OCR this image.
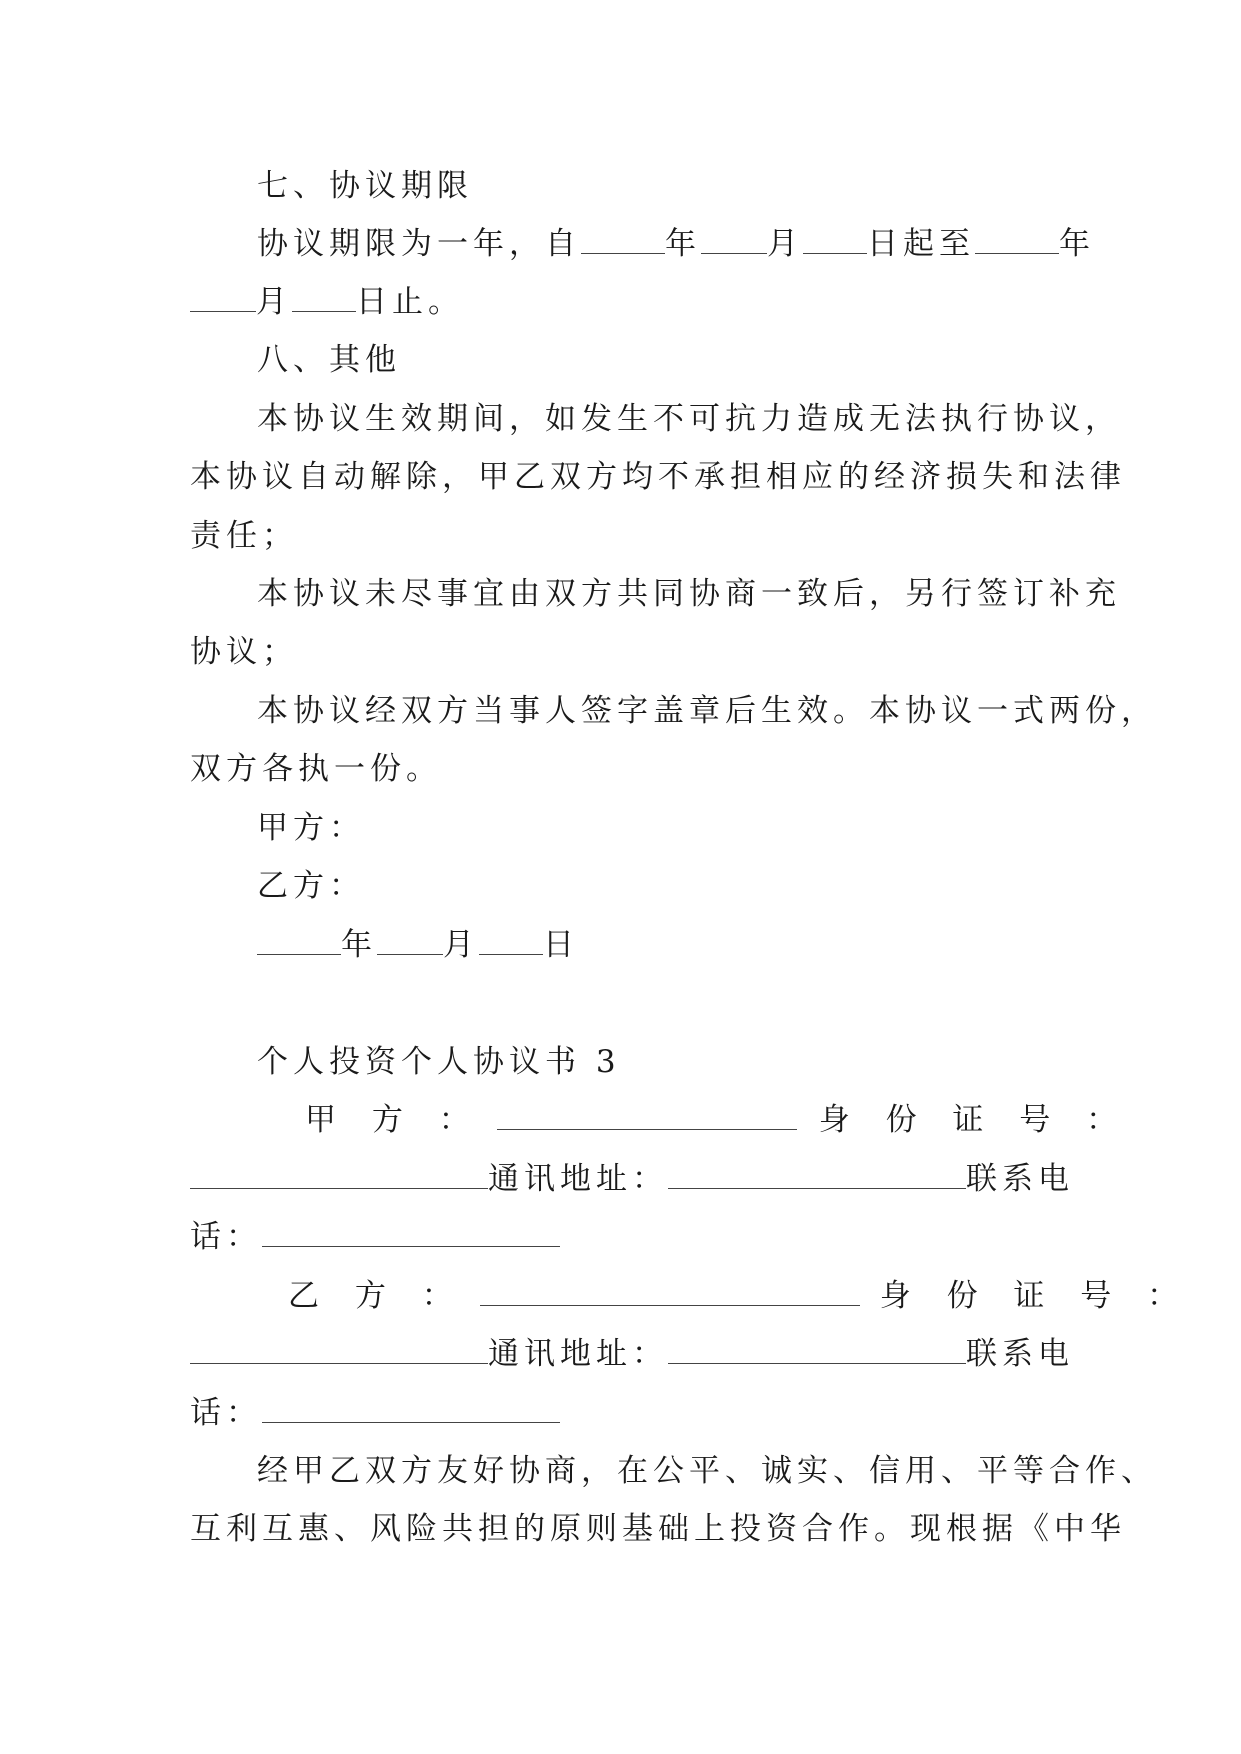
七、协议期限
协议期限为一年，自	年 月 日起至	年
月 日止。
八、其他
本协议生效期间，如发生不可抗力造成无法执行协议，
本协议自动解除，甲乙双方均不承担相应的经济损失和法律
责任；
本协议未尽事宜由双方共同协商一致后，另行签订补充
协议；
本协议经双方当事人签字盖章后生效。本协议一式两份，
双方各执一份。
甲方：
乙方：
年 月 日
个人投资个人协议书 3
甲 方 ：	身 份 证 号 ：
通讯地址：	联系电
话：
乙 方 ：	身 份 证 号 ：
通讯地址：	联系电
话：
经甲乙双方友好协商，在公平、诚实、信用、平等合作、
互利互惠、风险共担的原则基础上投资合作。现根据《中华
